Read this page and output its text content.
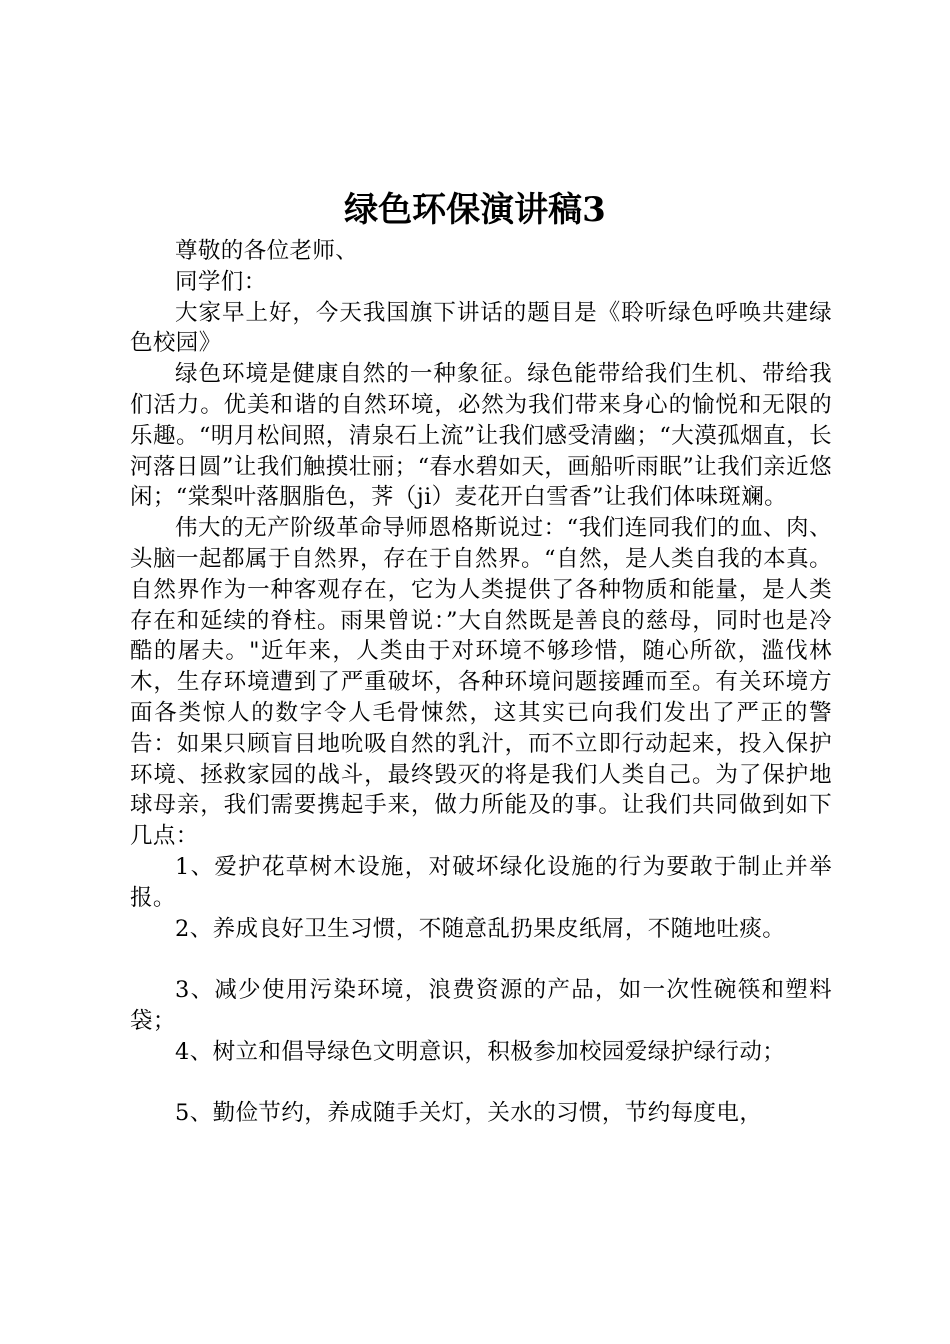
绿色环保演讲稿3

尊敬的各位老师、

同学们：

大家早上好，今天我国旗下讲话的题目是《聆听绿色呼唤共建绿色校园》

绿色环境是健康自然的一种象征。绿色能带给我们生机、带给我们活力。优美和谐的自然环境，必然为我们带来身心的愉悦和无限的乐趣。“明月松间照，清泉石上流”让我们感受清幽；“大漠孤烟直，长河落日圆”让我们触摸壮丽；“春水碧如天，画船听雨眠”让我们亲近悠闲；“棠梨叶落胭脂色，荠（ji）麦花开白雪香”让我们体味斑斓。

伟大的无产阶级革命导师恩格斯说过：“我们连同我们的血、肉、头脑一起都属于自然界，存在于自然界。“自然，是人类自我的本真。自然界作为一种客观存在，它为人类提供了各种物质和能量，是人类存在和延续的脊柱。雨果曾说：”大自然既是善良的慈母，同时也是冷酷的屠夫。"近年来，人类由于对环境不够珍惜，随心所欲，滥伐林木，生存环境遭到了严重破坏，各种环境问题接踵而至。有关环境方面各类惊人的数字令人毛骨悚然，这其实已向我们发出了严正的警告：如果只顾盲目地吮吸自然的乳汁，而不立即行动起来，投入保护环境、拯救家园的战斗，最终毁灭的将是我们人类自己。为了保护地球母亲，我们需要携起手来，做力所能及的事。让我们共同做到如下几点：

1、爱护花草树木设施，对破坏绿化设施的行为要敢于制止并举报。

2、养成良好卫生习惯，不随意乱扔果皮纸屑，不随地吐痰。

3、减少使用污染环境，浪费资源的产品，如一次性碗筷和塑料袋；

4、树立和倡导绿色文明意识，积极参加校园爱绿护绿行动；

5、勤俭节约，养成随手关灯，关水的习惯，节约每度电，
